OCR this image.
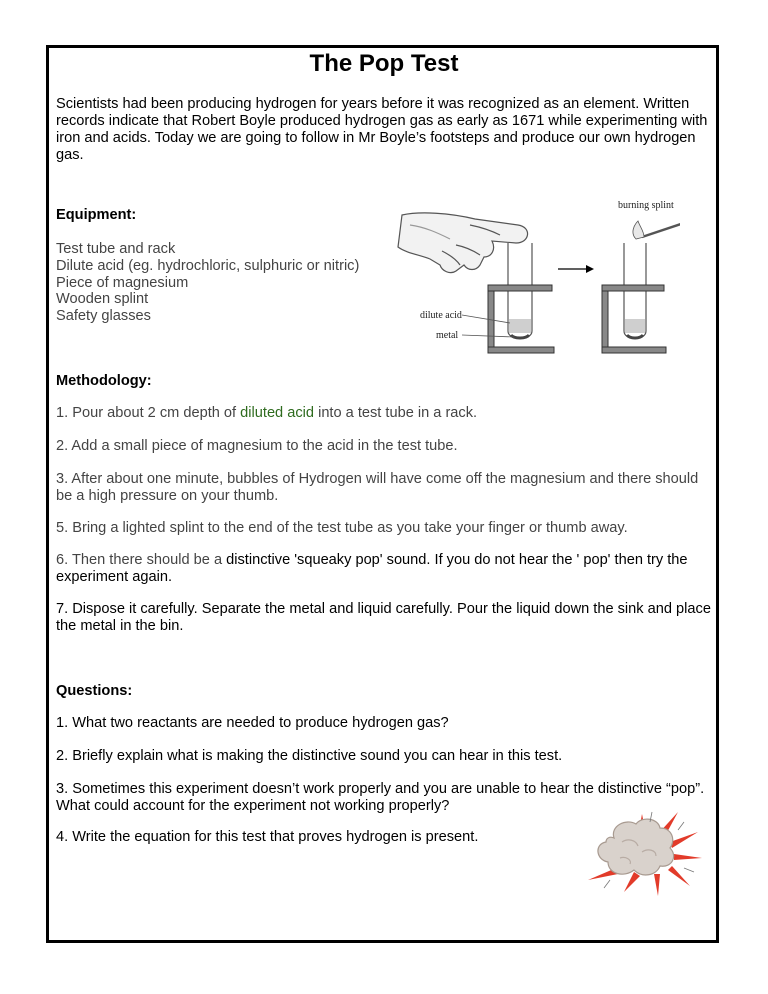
The Pop Test

Scientists had been producing hydrogen for years before it was recognized as an element. Written records indicate that Robert Boyle produced hydrogen gas as early as 1671 while experimenting with iron and acids. Today we are going to follow in Mr Boyle’s footsteps and produce our own hydrogen gas.

Equipment:

Test tube and rack
Dilute acid (eg. hydrochloric, sulphuric or nitric)
Piece of magnesium
Wooden splint
Safety glasses	dilute acid
metal
burning splint

Methodology:

1. Pour about 2 cm depth of diluted acid into a test tube in a rack.

2. Add a small piece of magnesium to the acid in the test tube.

3. After about one minute, bubbles of Hydrogen will have come off the magnesium and there should be a high pressure on your thumb.

5. Bring a lighted splint to the end of the test tube as you take your finger or thumb away.

6. Then there should be a distinctive 'squeaky pop' sound. If you do not hear the ' pop' then try the experiment again.

7. Dispose it carefully. Separate the metal and liquid carefully. Pour the liquid down the sink and place the metal in the bin.

Questions:

1. What two reactants are needed to produce hydrogen gas?

2. Briefly explain what is making the distinctive sound you can hear in this test.

3. Sometimes this experiment doesn’t work properly and you are unable to hear the distinctive “pop”. What could account for the experiment not working properly?

4. Write the equation for this test that proves hydrogen is present.
